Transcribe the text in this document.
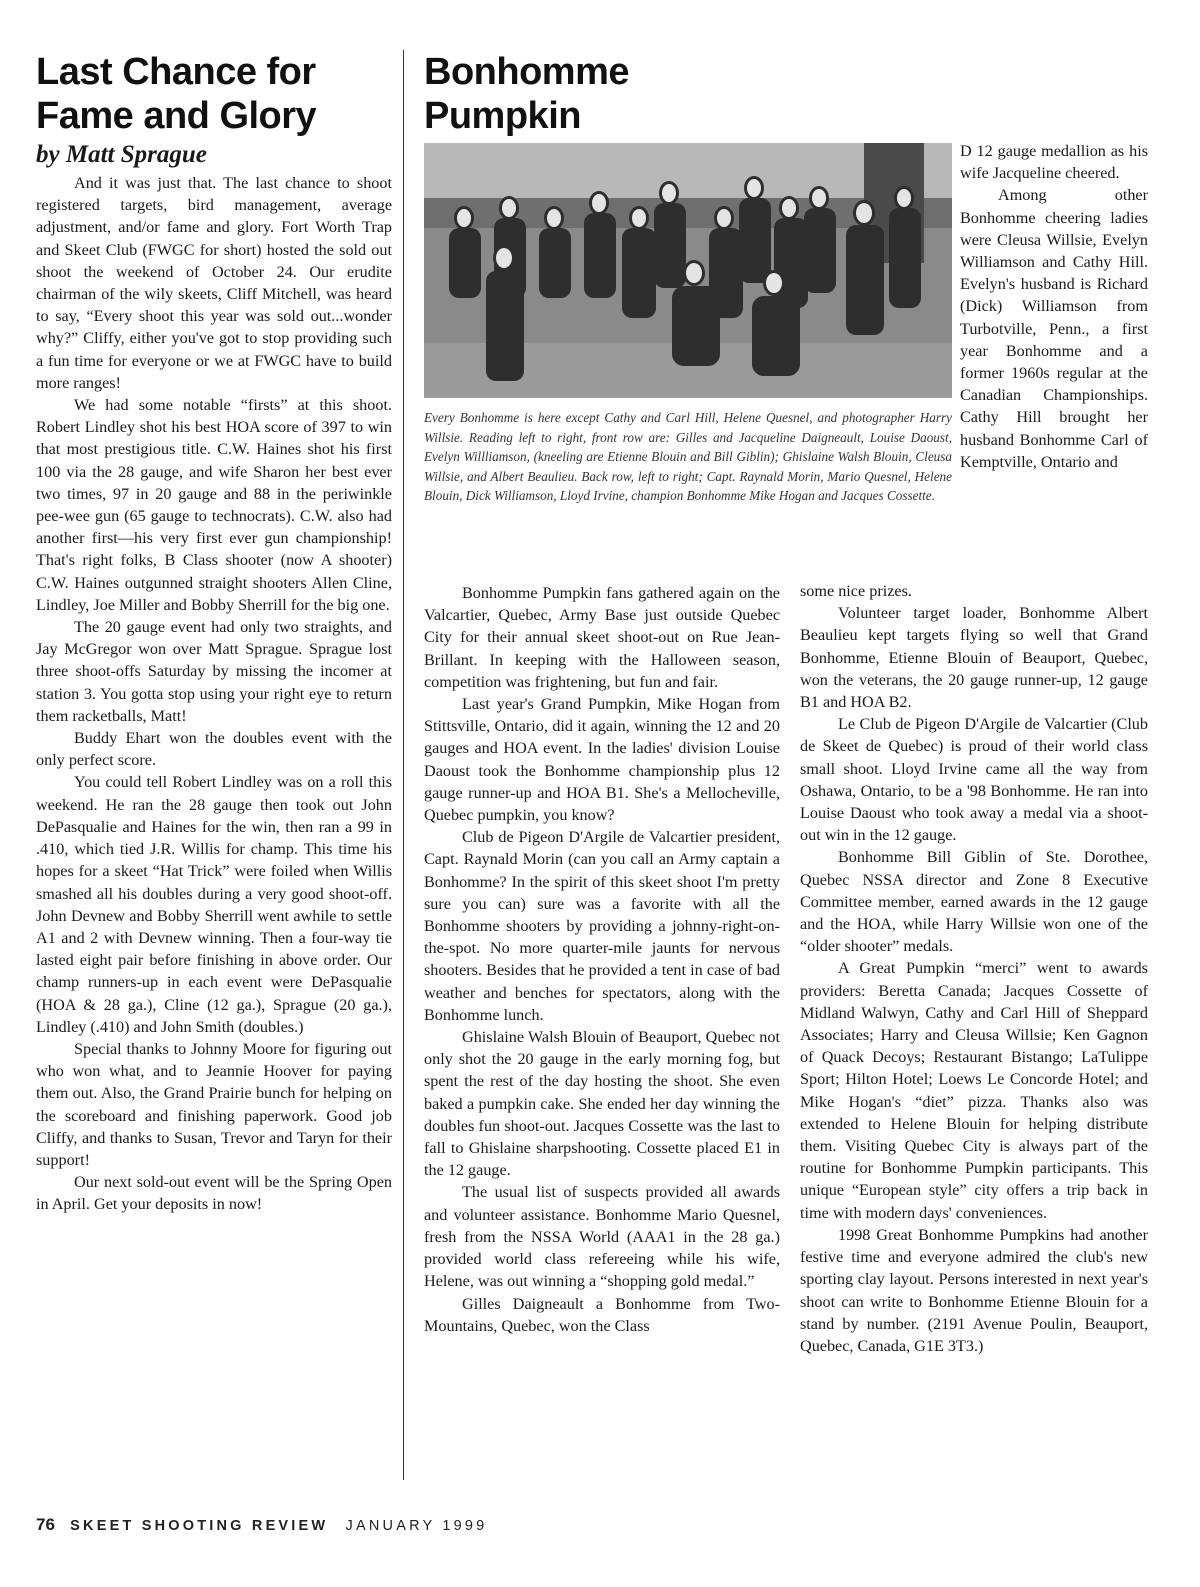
Last Chance for
Fame and Glory
by Matt Sprague

And it was just that. The last chance to shoot registered targets, bird management, average adjustment, and/or fame and glory. Fort Worth Trap and Skeet Club (FWGC for short) hosted the sold out shoot the weekend of October 24. Our erudite chairman of the wily skeets, Cliff Mitchell, was heard to say, “Every shoot this year was sold out...wonder why?” Cliffy, either you've got to stop providing such a fun time for everyone or we at FWGC have to build more ranges!

We had some notable “firsts” at this shoot. Robert Lindley shot his best HOA score of 397 to win that most prestigious title. C.W. Haines shot his first 100 via the 28 gauge, and wife Sharon her best ever two times, 97 in 20 gauge and 88 in the periwinkle pee-wee gun (65 gauge to technocrats). C.W. also had another first—his very first ever gun championship! That's right folks, B Class shooter (now A shooter) C.W. Haines outgunned straight shooters Allen Cline, Lindley, Joe Miller and Bobby Sherrill for the big one.

The 20 gauge event had only two straights, and Jay McGregor won over Matt Sprague. Sprague lost three shoot-offs Saturday by missing the incomer at station 3. You gotta stop using your right eye to return them racketballs, Matt!

Buddy Ehart won the doubles event with the only perfect score.

You could tell Robert Lindley was on a roll this weekend. He ran the 28 gauge then took out John DePasqualie and Haines for the win, then ran a 99 in .410, which tied J.R. Willis for champ. This time his hopes for a skeet “Hat Trick” were foiled when Willis smashed all his doubles during a very good shoot-off. John Devnew and Bobby Sherrill went awhile to settle A1 and 2 with Devnew winning. Then a four-way tie lasted eight pair before finishing in above order. Our champ runners-up in each event were DePasqualie (HOA & 28 ga.), Cline (12 ga.), Sprague (20 ga.), Lindley (.410) and John Smith (doubles.)

Special thanks to Johnny Moore for figuring out who won what, and to Jeannie Hoover for paying them out. Also, the Grand Prairie bunch for helping on the scoreboard and finishing paperwork. Good job Cliffy, and thanks to Susan, Trevor and Taryn for their support!

Our next sold-out event will be the Spring Open in April. Get your deposits in now!

Bonhomme Pumpkin
Every Bonhomme is here except Cathy and Carl Hill, Helene Quesnel, and photographer Harry Willsie. Reading left to right, front row are: Gilles and Jacqueline Daigneault, Louise Daoust, Evelyn Willliamson, (kneeling are Etienne Blouin and Bill Giblin); Ghislaine Walsh Blouin, Cleusa Willsie, and Albert Beaulieu. Back row, left to right; Capt. Raynald Morin, Mario Quesnel, Helene Blouin, Dick Williamson, Lloyd Irvine, champion Bonhomme Mike Hogan and Jacques Cossette.

D 12 gauge medallion as his wife Jacqueline cheered.

Among other Bonhomme cheering ladies were Cleusa Willsie, Evelyn Williamson and Cathy Hill. Evelyn's husband is Richard (Dick) Williamson from Turbotville, Penn., a first year Bonhomme and a former 1960s regular at the Canadian Championships. Cathy Hill brought her husband Bonhomme Carl of Kemptville, Ontario and

Bonhomme Pumpkin fans gathered again on the Valcartier, Quebec, Army Base just outside Quebec City for their annual skeet shoot-out on Rue Jean-Brillant. In keeping with the Halloween season, competition was frightening, but fun and fair.

Last year's Grand Pumpkin, Mike Hogan from Stittsville, Ontario, did it again, winning the 12 and 20 gauges and HOA event. In the ladies' division Louise Daoust took the Bonhomme championship plus 12 gauge runner-up and HOA B1. She's a Mellocheville, Quebec pumpkin, you know?

Club de Pigeon D'Argile de Valcartier president, Capt. Raynald Morin (can you call an Army captain a Bonhomme? In the spirit of this skeet shoot I'm pretty sure you can) sure was a favorite with all the Bonhomme shooters by providing a johnny-right-on-the-spot. No more quarter-mile jaunts for nervous shooters. Besides that he provided a tent in case of bad weather and benches for spectators, along with the Bonhomme lunch.

Ghislaine Walsh Blouin of Beauport, Quebec not only shot the 20 gauge in the early morning fog, but spent the rest of the day hosting the shoot. She even baked a pumpkin cake. She ended her day winning the doubles fun shoot-out. Jacques Cossette was the last to fall to Ghislaine sharpshooting. Cossette placed E1 in the 12 gauge.

The usual list of suspects provided all awards and volunteer assistance. Bonhomme Mario Quesnel, fresh from the NSSA World (AAA1 in the 28 ga.) provided world class refereeing while his wife, Helene, was out winning a “shopping gold medal.”

Gilles Daigneault a Bonhomme from Two-Mountains, Quebec, won the Class

some nice prizes.

Volunteer target loader, Bonhomme Albert Beaulieu kept targets flying so well that Grand Bonhomme, Etienne Blouin of Beauport, Quebec, won the veterans, the 20 gauge runner-up, 12 gauge B1 and HOA B2.

Le Club de Pigeon D'Argile de Valcartier (Club de Skeet de Quebec) is proud of their world class small shoot. Lloyd Irvine came all the way from Oshawa, Ontario, to be a '98 Bonhomme. He ran into Louise Daoust who took away a medal via a shoot-out win in the 12 gauge.

Bonhomme Bill Giblin of Ste. Dorothee, Quebec NSSA director and Zone 8 Executive Committee member, earned awards in the 12 gauge and the HOA, while Harry Willsie won one of the “older shooter” medals.

A Great Pumpkin “merci” went to awards providers: Beretta Canada; Jacques Cossette of Midland Walwyn, Cathy and Carl Hill of Sheppard Associates; Harry and Cleusa Willsie; Ken Gagnon of Quack Decoys; Restaurant Bistango; LaTulippe Sport; Hilton Hotel; Loews Le Concorde Hotel; and Mike Hogan's “diet” pizza. Thanks also was extended to Helene Blouin for helping distribute them. Visiting Quebec City is always part of the routine for Bonhomme Pumpkin participants. This unique “European style” city offers a trip back in time with modern days' conveniences.

1998 Great Bonhomme Pumpkins had another festive time and everyone admired the club's new sporting clay layout. Persons interested in next year's shoot can write to Bonhomme Etienne Blouin for a stand by number. (2191 Avenue Poulin, Beauport, Quebec, Canada, G1E 3T3.)

76 SKEET SHOOTING REVIEW JANUARY 1999
